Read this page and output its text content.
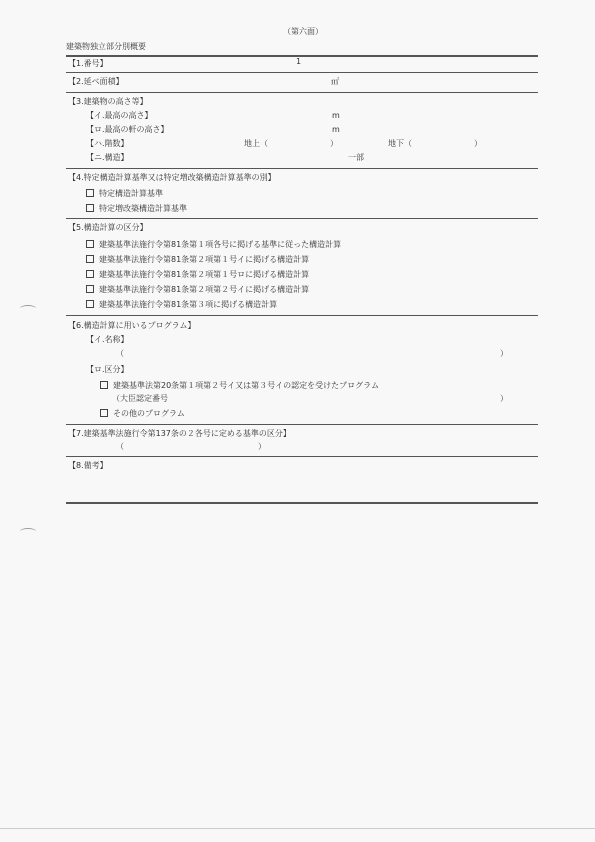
（第六面）
建築物独立部分別概要
【1.番号】	1
【2.延べ面積】	㎡
【3.建築物の高さ等】
【イ.最高の高さ】	m
【ロ.最高の軒の高さ】	m
【ハ.階数】	地上（	）	地下（	）
【ニ.構造】	一部
【4.特定構造計算基準又は特定増改築構造計算基準の別】
特定構造計算基準
特定増改築構造計算基準
【5.構造計算の区分】
建築基準法施行令第81条第１項各号に掲げる基準に従った構造計算
建築基準法施行令第81条第２項第１号イに掲げる構造計算
建築基準法施行令第81条第２項第１号ロに掲げる構造計算
建築基準法施行令第81条第２項第２号イに掲げる構造計算
建築基準法施行令第81条第３項に掲げる構造計算
【6.構造計算に用いるプログラム】
【イ.名称】
（	）
【ロ.区分】
建築基準法第20条第１項第２号イ又は第３号イの認定を受けたプログラム
（大臣認定番号	）
その他のプログラム
【7.建築基準法施行令第137条の２各号に定める基準の区分】
（	）
【8.備考】
